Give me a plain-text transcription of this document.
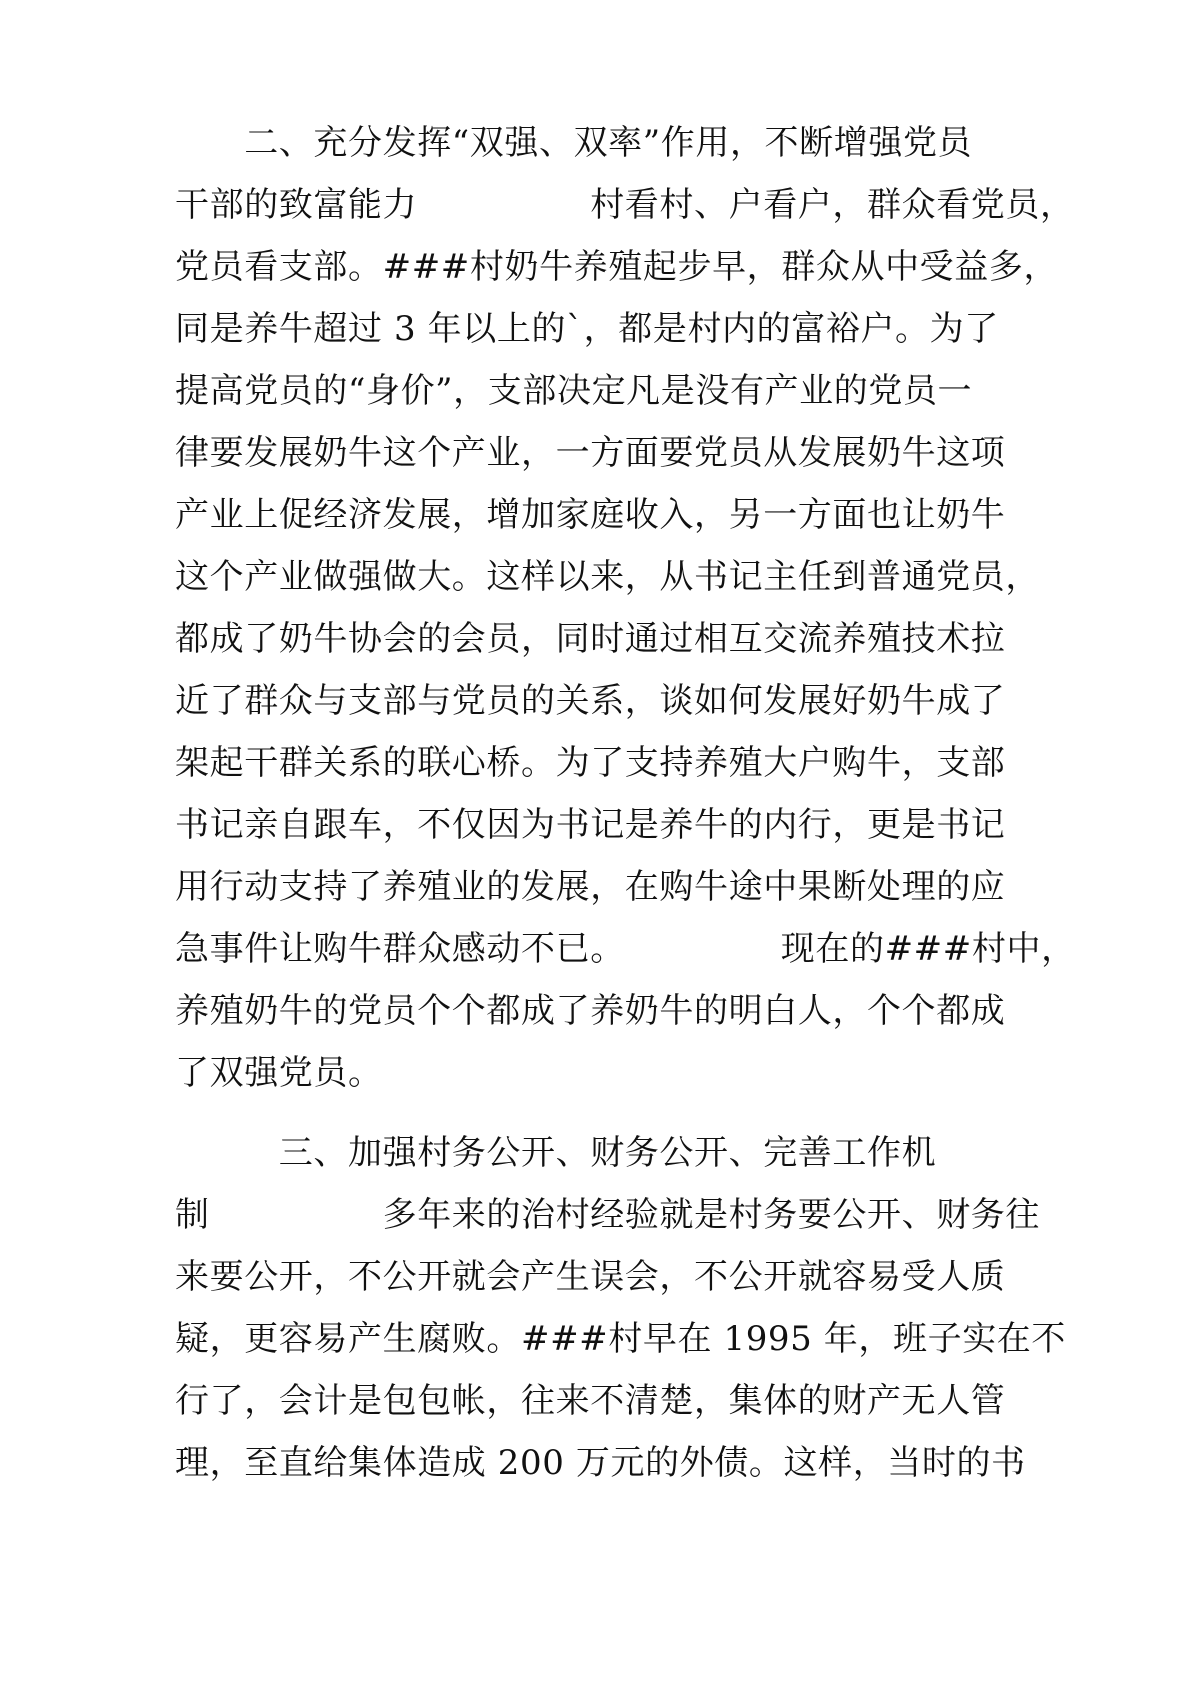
　　二、充分发挥“双强、双率”作用，不断增强党员
干部的致富能力　　　　　村看村、户看户，群众看党员，
党员看支部。###村奶牛养殖起步早，群众从中受益多，
同是养牛超过 3 年以上的`，都是村内的富裕户。为了
提高党员的“身价”，支部决定凡是没有产业的党员一
律要发展奶牛这个产业，一方面要党员从发展奶牛这项
产业上促经济发展，增加家庭收入，另一方面也让奶牛
这个产业做强做大。这样以来，从书记主任到普通党员，
都成了奶牛协会的会员，同时通过相互交流养殖技术拉
近了群众与支部与党员的关系，谈如何发展好奶牛成了
架起干群关系的联心桥。为了支持养殖大户购牛，支部
书记亲自跟车，不仅因为书记是养牛的内行，更是书记
用行动支持了养殖业的发展，在购牛途中果断处理的应
急事件让购牛群众感动不已。　　　　　现在的###村中，
养殖奶牛的党员个个都成了养奶牛的明白人，个个都成
了双强党员。
　　　三、加强村务公开、财务公开、完善工作机
制　　　　　多年来的治村经验就是村务要公开、财务往
来要公开，不公开就会产生误会，不公开就容易受人质
疑，更容易产生腐败。###村早在 1995 年，班子实在不
行了，会计是包包帐，往来不清楚，集体的财产无人管
理，至直给集体造成 200 万元的外债。这样，当时的书
